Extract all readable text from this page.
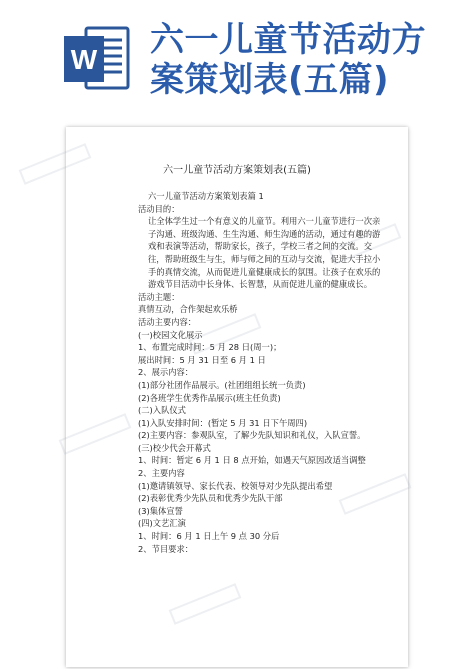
W 六一儿童节活动方
案策划表(五篇)
六一儿童节活动方案策划表(五篇)
六一儿童节活动方案策划表篇 1
活动目的：
让全体学生过一个有意义的儿童节。利用六一儿童节进行一次亲子沟通、班级沟通、生生沟通、师生沟通的活动，通过有趣的游戏和表演等活动，帮助家长，孩子，学校三者之间的交流。交往，帮助班级生与生，师与师之间的互动与交流，促进大手拉小手的真情交流，从而促进儿童健康成长的氛围。让孩子在欢乐的游戏节目活动中长身体、长智慧，从而促进儿童的健康成长。
活动主题：
真情互动，合作架起欢乐桥
活动主要内容：
(一)校园文化展示
1、布置完成时间：5 月 28 日(周一)；
展出时间：5 月 31 日至 6 月 1 日
2、展示内容：
(1)部分社团作品展示。(社团组组长统一负责)
(2)各班学生优秀作品展示(班主任负责)
(二)入队仪式
(1)入队安排时间：(暂定 5 月 31 日下午周四)
(2)主要内容：参观队室，了解少先队知识和礼仪，入队宣誓。
(三)校少代会开幕式
1、时间：暂定 6 月 1 日 8 点开始，如遇天气原因改适当调整
2、主要内容
(1)邀请镇领导、家长代表、校领导对少先队提出希望
(2)表彰优秀少先队员和优秀少先队干部
(3)集体宣誓
(四)文艺汇演
1、时间：6 月 1 日上午 9 点 30 分后
2、节目要求：
